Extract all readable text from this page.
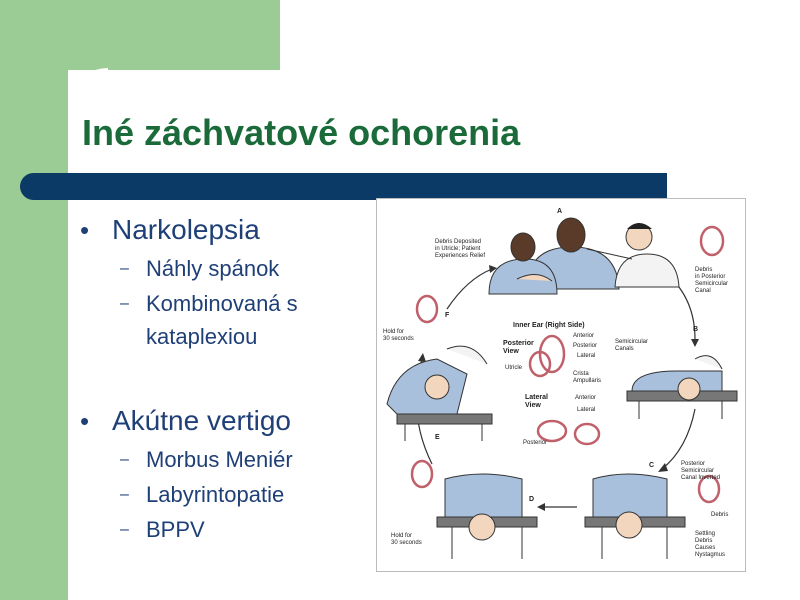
Iné záchvatové ochorenia
• Narkolepsia
– Náhly spánok
– Kombinovaná s kataplexiou
• Akútne vertigo
– Morbus Meniér
– Labyrintopatie
– BPPV
A
B
C
D
E
F
Debris Deposited
in Utricle; Patient
Experiences Relief
Debris
in Posterior
Semicircular
Canal
Hold for
30 seconds
Inner Ear (Right Side)
Posterior
View
Anterior
Posterior
Lateral
Semicircular
Canals
Utricle
Crista
Ampullaris
Lateral
View
Anterior
Lateral
Posterior
Posterior
Semicircular
Canal Inverted
Debris
Settling
Debris
Causes
Nystagmus
Hold for
30 seconds
